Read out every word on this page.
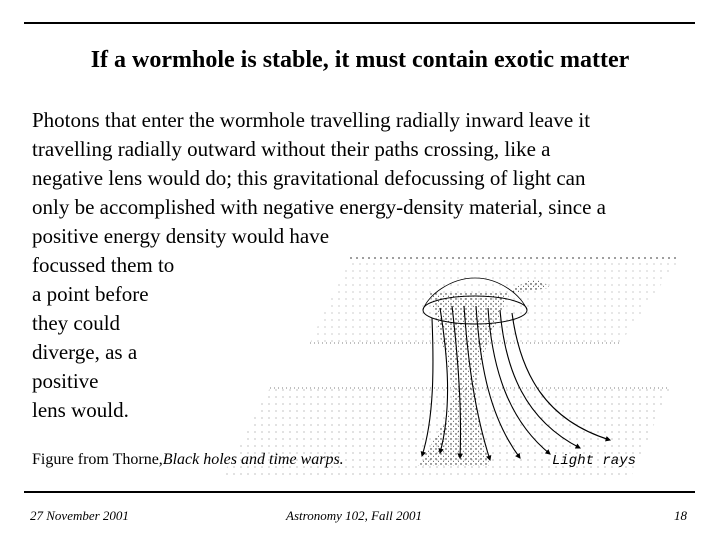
If a wormhole is stable, it must contain exotic matter

Photons that enter the wormhole travelling radially inward leave it

travelling radially outward without their paths crossing, like a

negative lens would do; this gravitational defocussing of light can

only be accomplished with negative energy-density material, since a

positive energy density would have

focussed them to

a point before

they could

diverge, as a

positive

lens would.

Light rays
Figure from Thorne,Black holes and time warps.
27 November 2001	Astronomy 102, Fall 2001	18
